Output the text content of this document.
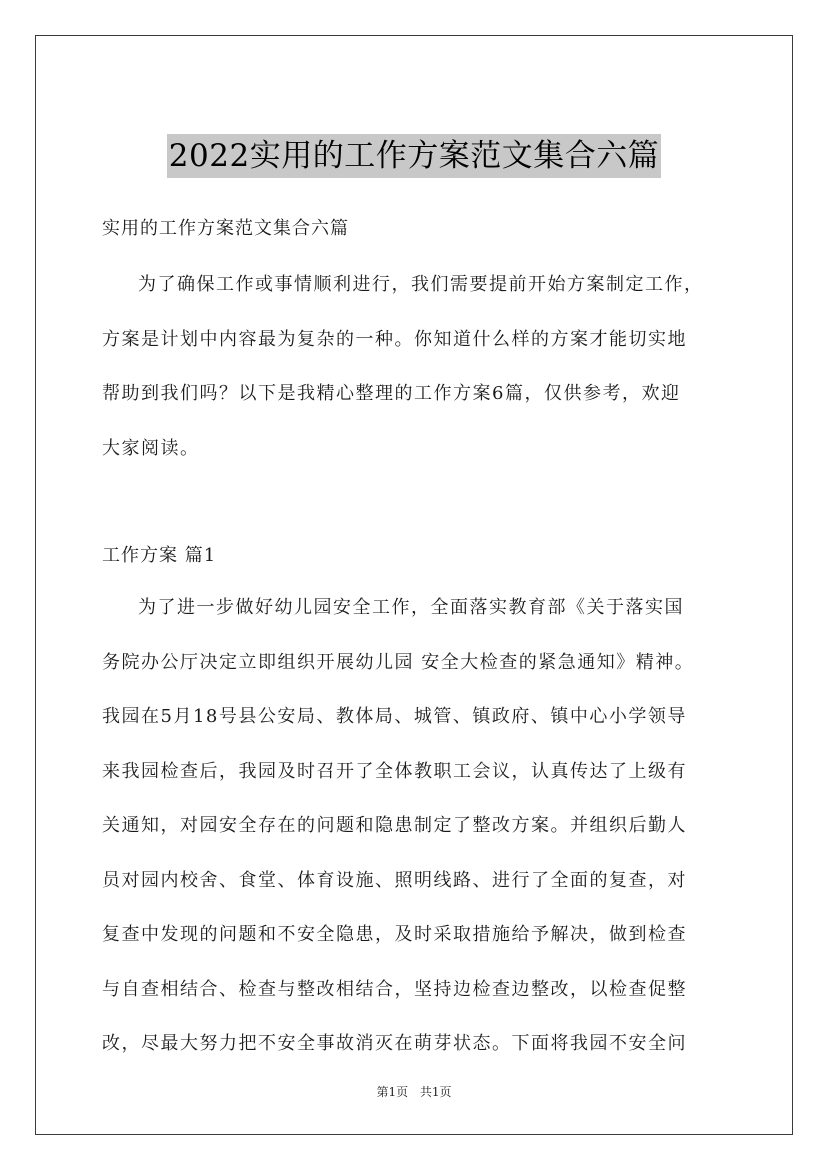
2022实用的工作方案范文集合六篇
实用的工作方案范文集合六篇

为了确保工作或事情顺利进行，我们需要提前开始方案制定工作，
方案是计划中内容最为复杂的一种。你知道什么样的方案才能切实地
帮助到我们吗？以下是我精心整理的工作方案6篇，仅供参考，欢迎
大家阅读。

工作方案 篇1

为了进一步做好幼儿园安全工作，全面落实教育部《关于落实国
务院办公厅决定立即组织开展幼儿园 安全大检查的紧急通知》精神。
我园在5月18号县公安局、教体局、城管、镇政府、镇中心小学领导
来我园检查后，我园及时召开了全体教职工会议，认真传达了上级有
关通知，对园安全存在的问题和隐患制定了整改方案。并组织后勤人
员对园内校舍、食堂、体育设施、照明线路、进行了全面的复查，对
复查中发现的问题和不安全隐患，及时采取措施给予解决，做到检查
与自查相结合、检查与整改相结合，坚持边检查边整改，以检查促整
改，尽最大努力把不安全事故消灭在萌芽状态。下面将我园不安全问

第1页 共1页
